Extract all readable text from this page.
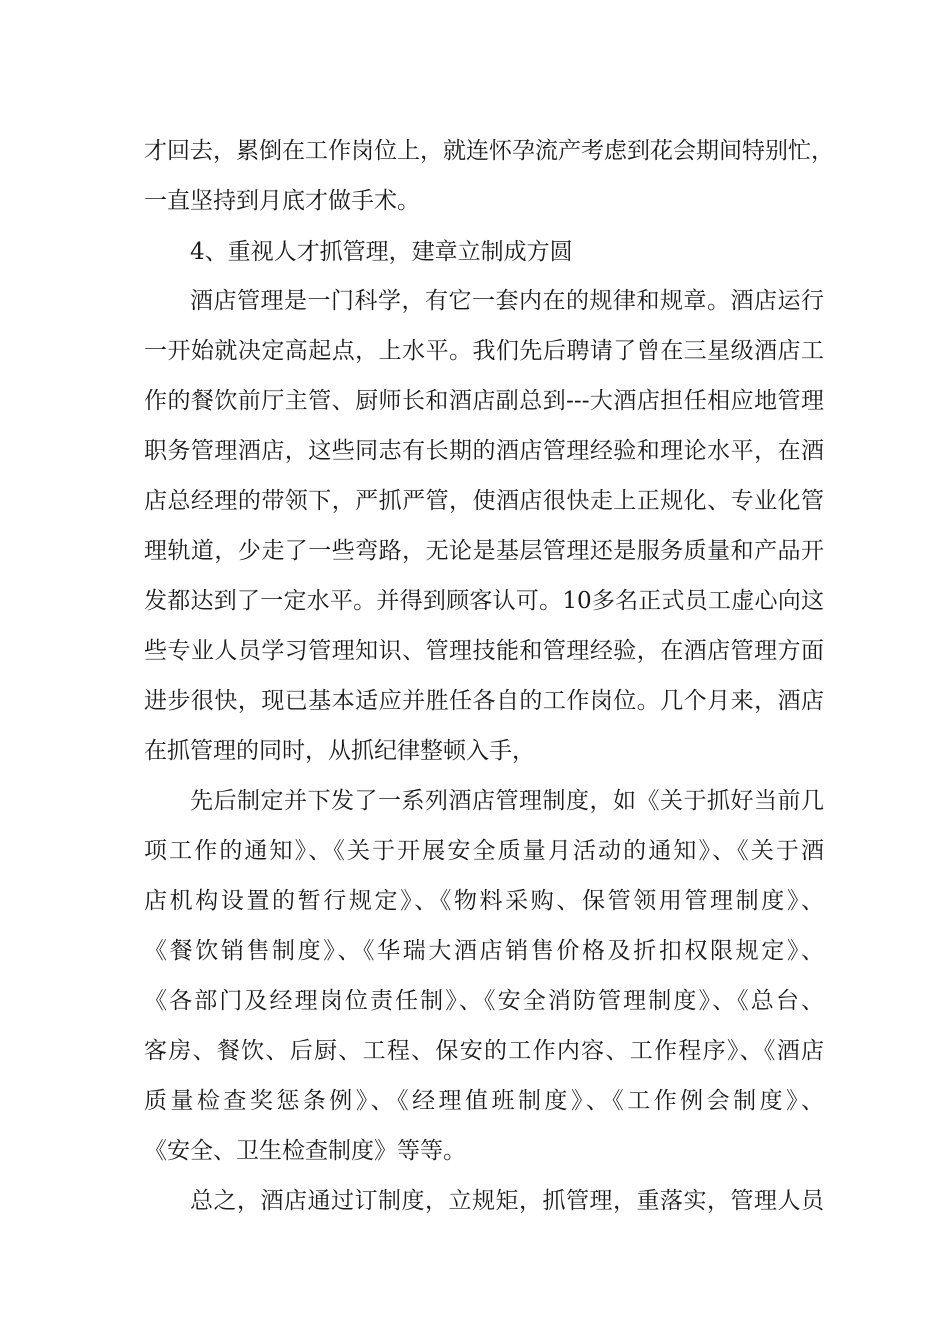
才回去，累倒在工作岗位上，就连怀孕流产考虑到花会期间特别忙，
一直坚持到月底才做手术。
4、重视人才抓管理，建章立制成方圆
酒店管理是一门科学，有它一套内在的规律和规章。酒店运行
一开始就决定高起点，上水平。我们先后聘请了曾在三星级酒店工
作的餐饮前厅主管、厨师长和酒店副总到---大酒店担任相应地管理
职务管理酒店，这些同志有长期的酒店管理经验和理论水平，在酒
店总经理的带领下，严抓严管，使酒店很快走上正规化、专业化管
理轨道，少走了一些弯路，无论是基层管理还是服务质量和产品开
发都达到了一定水平。并得到顾客认可。10多名正式员工虚心向这
些专业人员学习管理知识、管理技能和管理经验，在酒店管理方面
进步很快，现已基本适应并胜任各自的工作岗位。几个月来，酒店
在抓管理的同时，从抓纪律整顿入手，
先后制定并下发了一系列酒店管理制度，如《关于抓好当前几
项工作的通知》、《关于开展安全质量月活动的通知》、《关于酒
店机构设置的暂行规定》、《物料采购、保管领用管理制度》、
《餐饮销售制度》、《华瑞大酒店销售价格及折扣权限规定》、
《各部门及经理岗位责任制》、《安全消防管理制度》、《总台、
客房、餐饮、后厨、工程、保安的工作内容、工作程序》、《酒店
质量检查奖惩条例》、《经理值班制度》、《工作例会制度》、
《安全、卫生检查制度》等等。
总之，酒店通过订制度，立规矩，抓管理，重落实，管理人员
